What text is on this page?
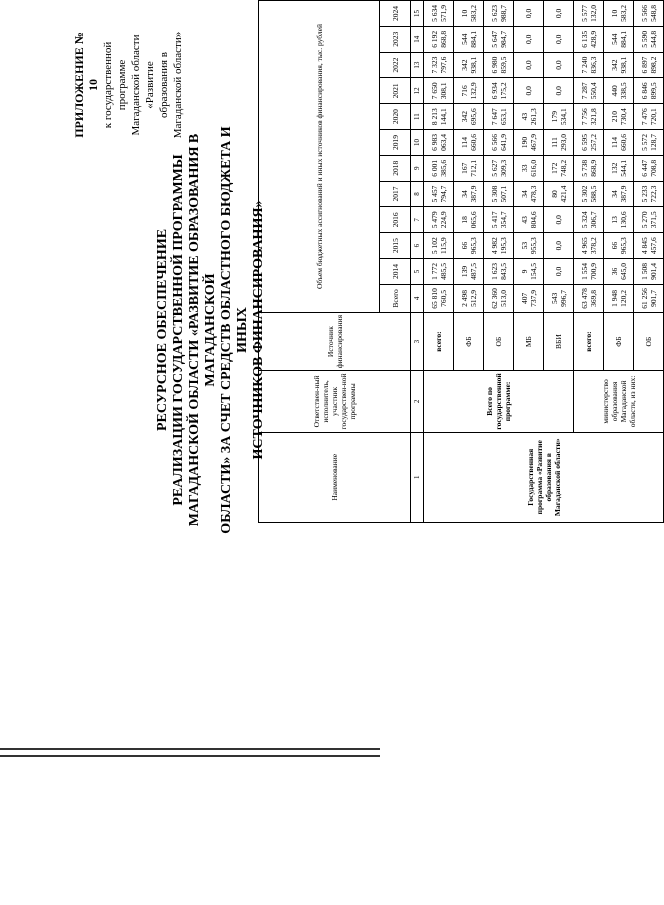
ПРИЛОЖЕНИЕ № 10 к государственной программе Магаданской области «Развитие образования в Магаданской области»
РЕСУРСНОЕ ОБЕСПЕЧЕНИЕ РЕАЛИЗАЦИИ ГОСУДАРСТВЕННОЙ ПРОГРАММЫ МАГАДАНСКОЙ ОБЛАСТИ «РАЗВИТИЕ ОБРАЗОВАНИЯ В МАГАДАНСКОЙ ОБЛАСТИ» ЗА СЧЕТ СРЕДСТВ ОБЛАСТНОГО БЮДЖЕТА И ИНЫХ ИСТОЧНИКОВ ФИНАНСИРОВАНИЯ»
Наименование	Ответствен-ный исполнитель, участник государствен-ной программы	Источник финансирования	Объем бюджетных ассигнований и иных источников финансирования, тыс. рублей											
			Всего	2014	2015	2016	2017	2018	2019	2020	2021	2022	2023	2024
1	2	3	4	5	6	7	8	9	10	11	12	13	14	15
Государственная программа «Развитие образования в Магаданской области»	Всего по государственной программе:	всего:	65 810 760,5	1 772 485,5	5 102 115,9	5 479 224,9	5 457 794,7	6 001 385,6	6 983 063,4	8 213 144,1	7 650 308,1	7 323 797,6	6 192 868,8	5 634 571,9
		ФБ	2 498 512,9	139 487,5	66 965,3	18 065,6	34 387,9	167 712,1	114 660,6	342 695,6	716 132,9	342 938,1	544 884,1	10 583,2
		ОБ	62 360 513,0	1 623 843,5	4 982 195,3	5 417 354,7	5 308 507,1	5 627 309,3	6 566 641,9	7 647 653,1	6 934 175,2	6 980 859,5	5 647 984,7	5 623 988,7
		МБ	407 737,9	9 154,5	53 955,3	43 804,6	34 478,3	33 616,0	190 467,9	43 261,3	0,0	0,0	0,0	0,0
		ВБИ	543 996,7	0,0	0,0	0,0	80 421,4	172 748,2	111 293,0	179 534,1	0,0	0,0	0,0	0,0
	министерство образования Магаданской области, из них:	всего:	63 478 369,8	1 554 700,9	4 965 378,2	5 324 306,7	5 302 588,5	5 738 868,9	6 595 257,2	7 756 321,8	7 287 550,4	7 240 836,3	6 135 428,9	5 577 132,0
		ФБ	1 948 120,2	36 645,0	66 965,3	13 130,6	34 387,9	132 544,1	114 660,6	210 730,4	440 338,5	342 938,1	544 884,1	10 583,2
		ОБ	61 256 901,7	1 508 901,4	4 845 457,6	5 270 371,5	5 233 722,3	6 447 708,8	5 572 128,7	7 476 720,1	6 846 899,5	6 897 898,2	5 590 544,8	5 566 548,8
